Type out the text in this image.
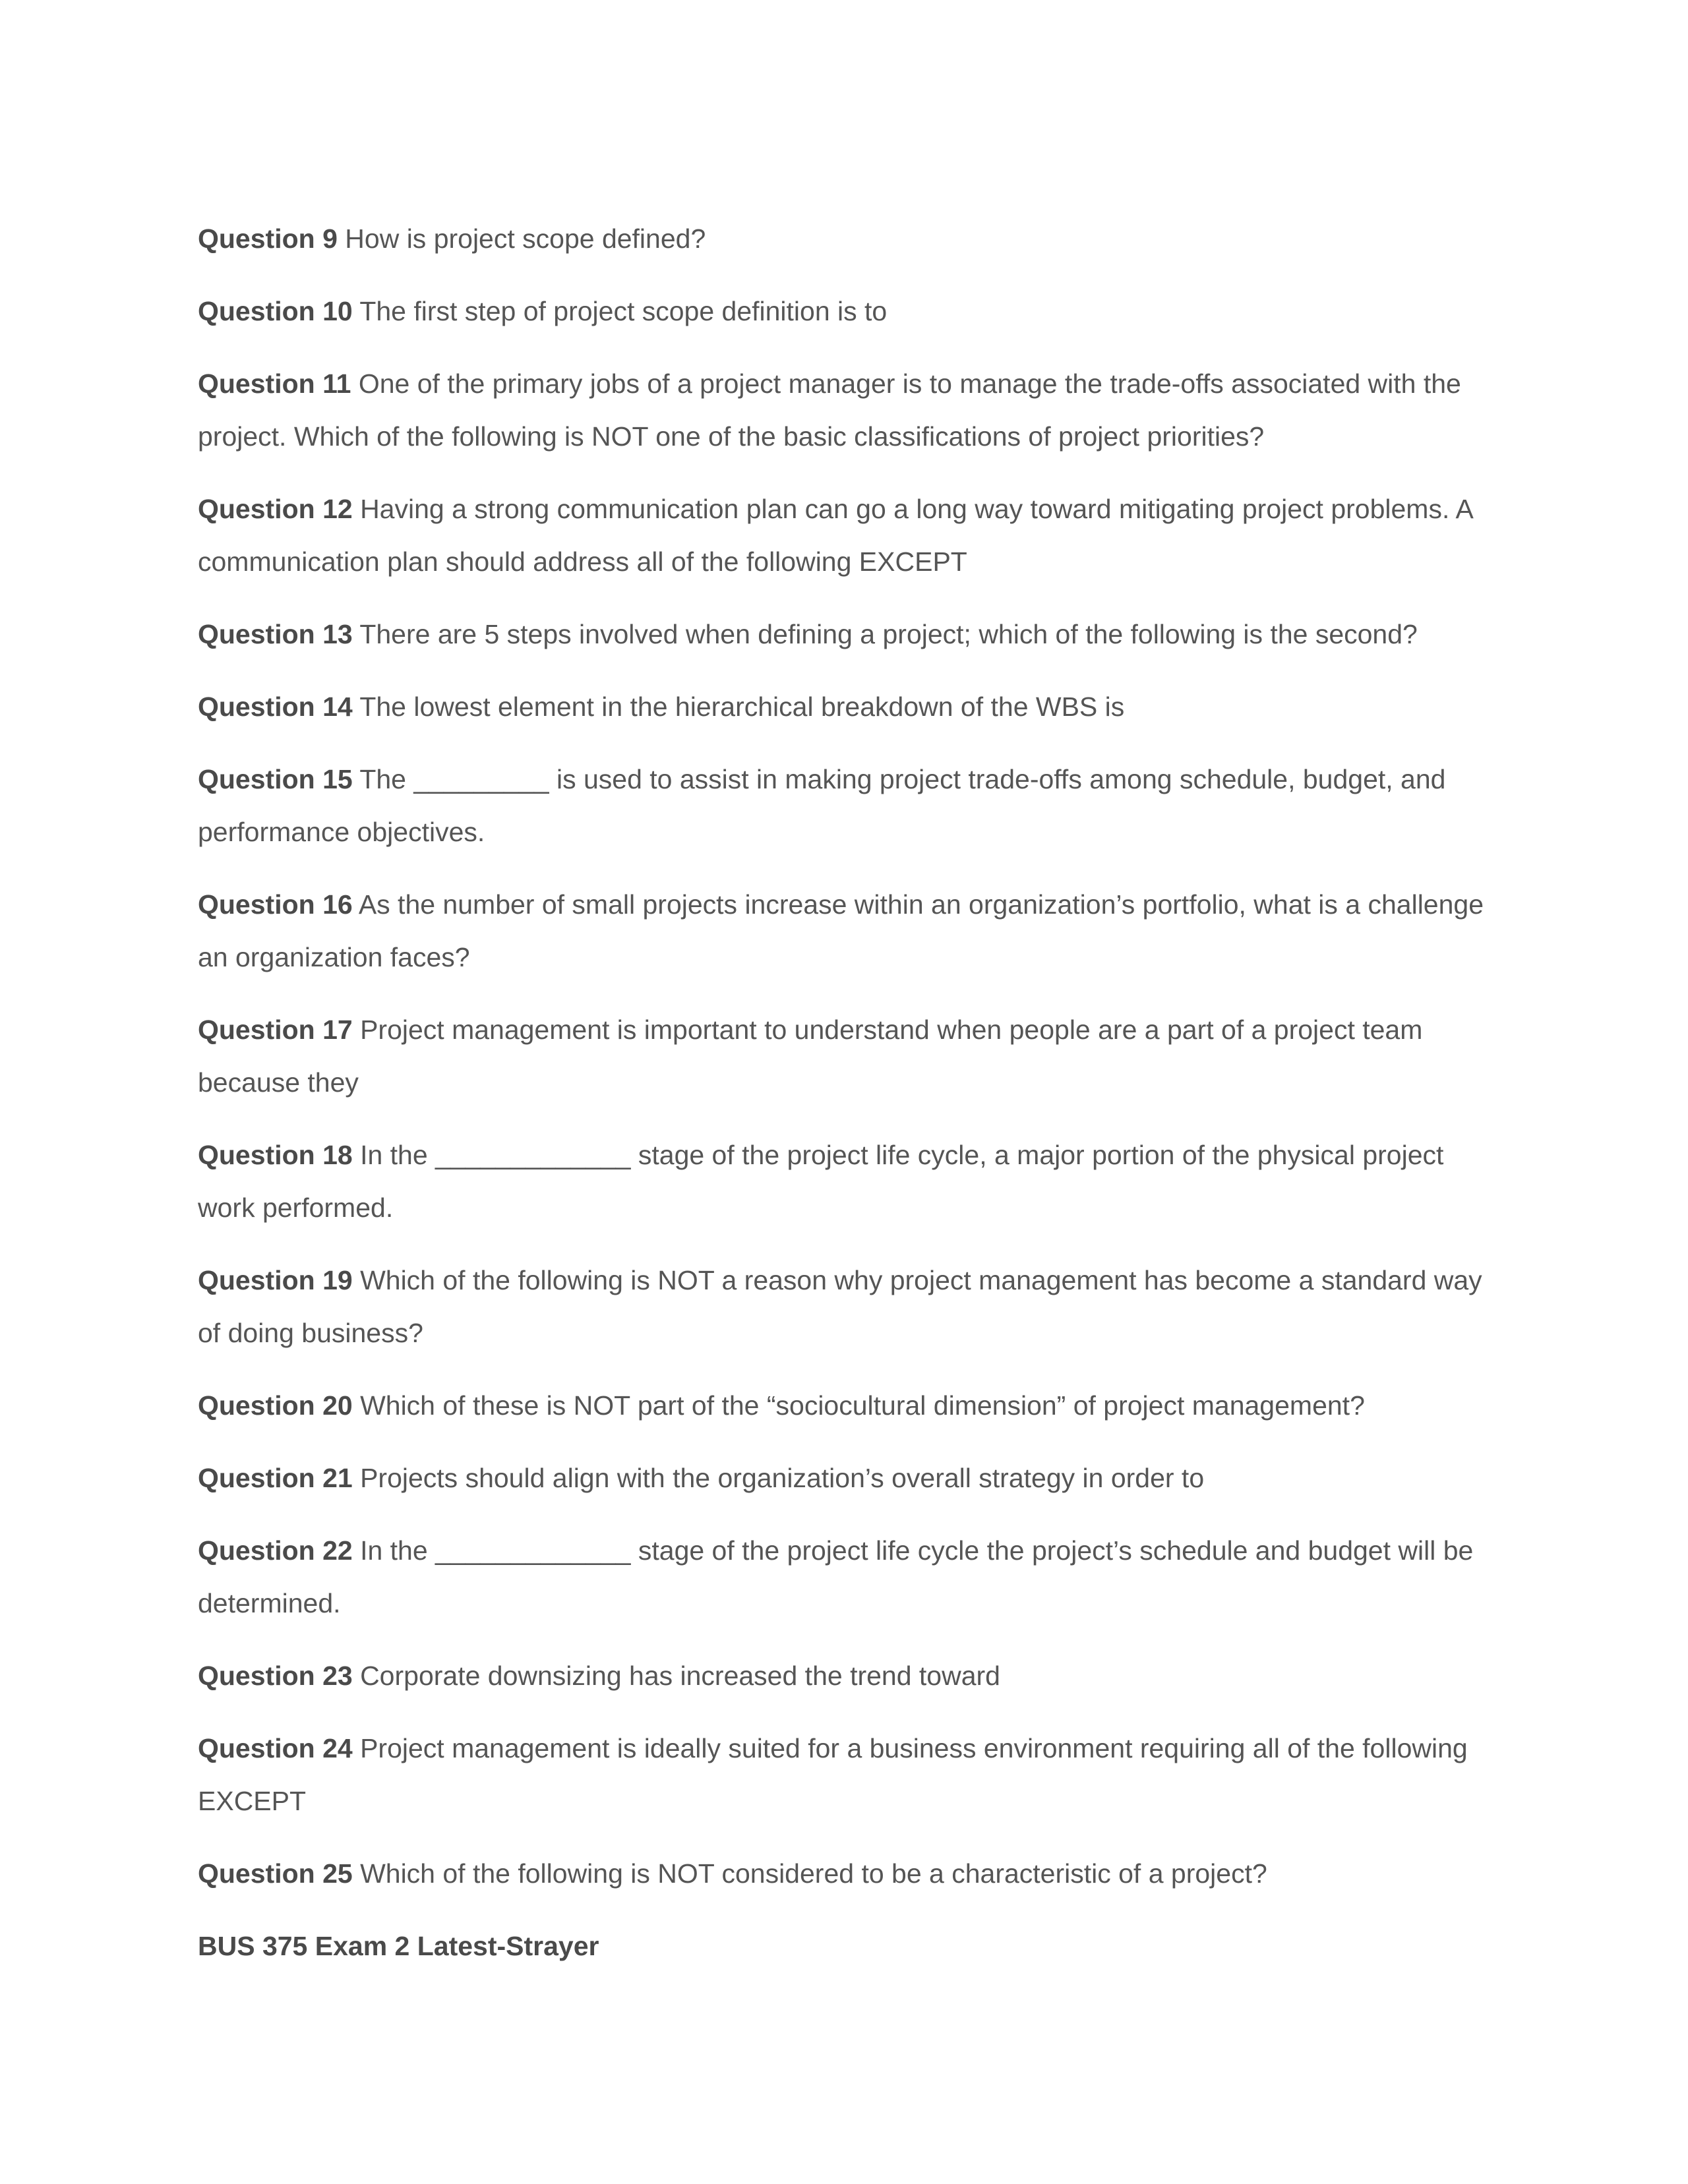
Question 9 How is project scope defined?

Question 10 The first step of project scope definition is to

Question 11 One of the primary jobs of a project manager is to manage the trade-offs associated with the project. Which of the following is NOT one of the basic classifications of project priorities?

Question 12 Having a strong communication plan can go a long way toward mitigating project problems. A communication plan should address all of the following EXCEPT

Question 13 There are 5 steps involved when defining a project; which of the following is the second?

Question 14 The lowest element in the hierarchical breakdown of the WBS is

Question 15 The _________ is used to assist in making project trade-offs among schedule, budget, and performance objectives.

Question 16 As the number of small projects increase within an organization’s portfolio, what is a challenge an organization faces?

Question 17 Project management is important to understand when people are a part of a project team because they

Question 18 In the _____________ stage of the project life cycle, a major portion of the physical project work performed.

Question 19 Which of the following is NOT a reason why project management has become a standard way of doing business?

Question 20 Which of these is NOT part of the “sociocultural dimension” of project management?

Question 21 Projects should align with the organization’s overall strategy in order to

Question 22 In the _____________ stage of the project life cycle the project’s schedule and budget will be determined.

Question 23 Corporate downsizing has increased the trend toward

Question 24 Project management is ideally suited for a business environment requiring all of the following EXCEPT

Question 25 Which of the following is NOT considered to be a characteristic of a project?

BUS 375 Exam 2 Latest-Strayer
